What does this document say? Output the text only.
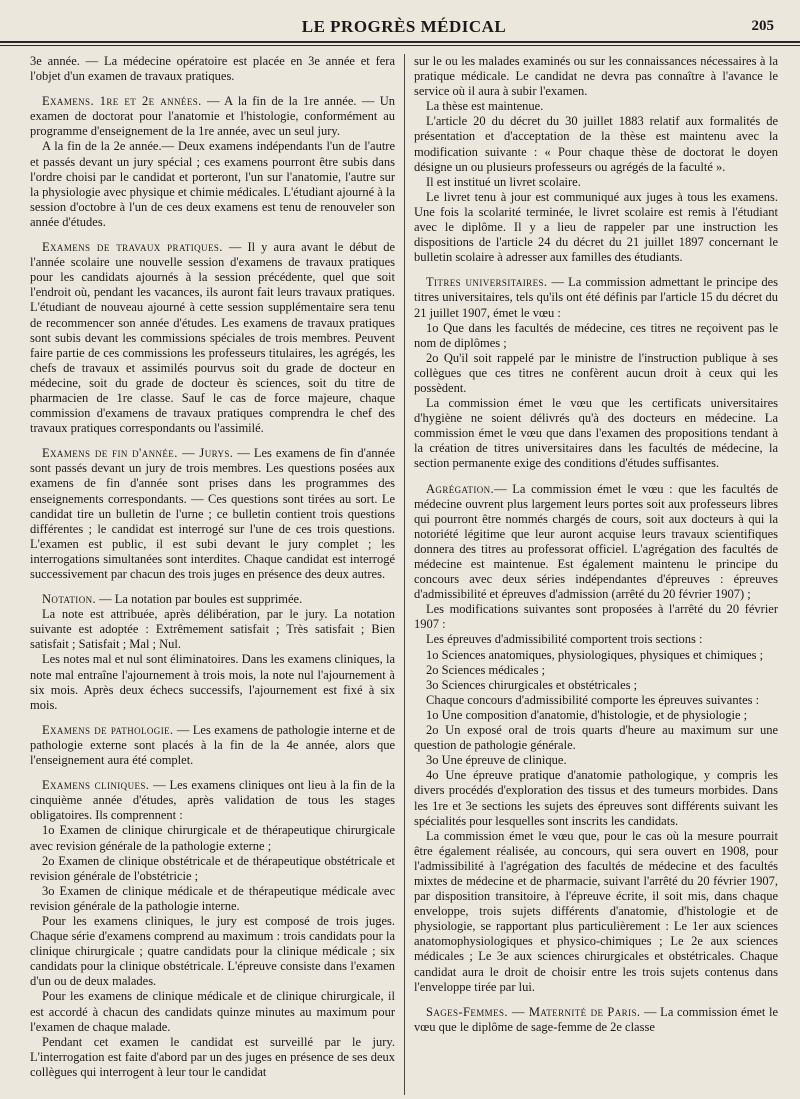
LE PROGRÈS MÉDICAL	205

3e année. — La médecine opératoire est placée en 3e année et fera l'objet d'un examen de travaux pratiques.

Examens. 1re et 2e années. — A la fin de la 1re année. — Un examen de doctorat pour l'anatomie et l'histologie, conformément au programme d'enseignement de la 1re année, avec un seul jury.

A la fin de la 2e année.— Deux examens indépendants l'un de l'autre et passés devant un jury spécial ; ces examens pourront être subis dans l'ordre choisi par le candidat et porteront, l'un sur l'anatomie, l'autre sur la physiologie avec physique et chimie médicales. L'étudiant ajourné à la session d'octobre à l'un de ces deux examens est tenu de renouveler son année d'études.

Examens de travaux pratiques. — Il y aura avant le début de l'année scolaire une nouvelle session d'examens de travaux pratiques pour les candidats ajournés à la session précédente, quel que soit l'endroit où, pendant les vacances, ils auront fait leurs travaux pratiques. L'étudiant de nouveau ajourné à cette session supplémentaire sera tenu de recommencer son année d'études. Les examens de travaux pratiques sont subis devant les commissions spéciales de trois membres. Peuvent faire partie de ces commissions les professeurs titulaires, les agrégés, les chefs de travaux et assimilés pourvus soit du grade de docteur en médecine, soit du grade de docteur ès sciences, soit du titre de pharmacien de 1re classe. Sauf le cas de force majeure, chaque commission d'examens de travaux pratiques comprendra le chef des travaux pratiques correspondants ou l'assimilé.

Examens de fin d'année. — Jurys. — Les examens de fin d'année sont passés devant un jury de trois membres. Les questions posées aux examens de fin d'année sont prises dans les programmes des enseignements correspondants. — Ces questions sont tirées au sort. Le candidat tire un bulletin de l'urne ; ce bulletin contient trois questions différentes ; le candidat est interrogé sur l'une de ces trois questions. L'examen est public, il est subi devant le jury complet ; les interrogations simultanées sont interdites. Chaque candidat est interrogé successivement par chacun des trois juges en présence des deux autres.

Notation. — La notation par boules est supprimée.

La note est attribuée, après délibération, par le jury. La notation suivante est adoptée : Extrêmement satisfait ; Très satisfait ; Bien satisfait ; Satisfait ; Mal ; Nul.

Les notes mal et nul sont éliminatoires. Dans les examens cliniques, la note mal entraîne l'ajournement à trois mois, la note nul l'ajournement à six mois. Après deux échecs successifs, l'ajournement est fixé à six mois.

Examens de pathologie. — Les examens de pathologie interne et de pathologie externe sont placés à la fin de la 4e année, alors que l'enseignement aura été complet.

Examens cliniques. — Les examens cliniques ont lieu à la fin de la cinquième année d'études, après validation de tous les stages obligatoires. Ils comprennent :

1o Examen de clinique chirurgicale et de thérapeutique chirurgicale avec revision générale de la pathologie externe ;

2o Examen de clinique obstétricale et de thérapeutique obstétricale et revision générale de l'obstétricie ;

3o Examen de clinique médicale et de thérapeutique médicale avec revision générale de la pathologie interne.

Pour les examens cliniques, le jury est composé de trois juges. Chaque série d'examens comprend au maximum : trois candidats pour la clinique chirurgicale ; quatre candidats pour la clinique médicale ; six candidats pour la clinique obstétricale. L'épreuve consiste dans l'examen d'un ou de deux malades.

Pour les examens de clinique médicale et de clinique chirurgicale, il est accordé à chacun des candidats quinze minutes au maximum pour l'examen de chaque malade.

Pendant cet examen le candidat est surveillé par le jury. L'interrogation est faite d'abord par un des juges en présence de ses deux collègues qui interrogent à leur tour le candidat

sur le ou les malades examinés ou sur les connaissances nécessaires à la pratique médicale. Le candidat ne devra pas connaître à l'avance le service où il aura à subir l'examen.

La thèse est maintenue.

L'article 20 du décret du 30 juillet 1883 relatif aux formalités de présentation et d'acceptation de la thèse est maintenu avec la modification suivante : « Pour chaque thèse de doctorat le doyen désigne un ou plusieurs professeurs ou agrégés de la faculté ».

Il est institué un livret scolaire.

Le livret tenu à jour est communiqué aux juges à tous les examens. Une fois la scolarité terminée, le livret scolaire est remis à l'étudiant avec le diplôme. Il y a lieu de rappeler par une instruction les dispositions de l'article 24 du décret du 21 juillet 1897 concernant le bulletin scolaire à adresser aux familles des étudiants.

Titres universitaires. — La commission admettant le principe des titres universitaires, tels qu'ils ont été définis par l'article 15 du décret du 21 juillet 1907, émet le vœu :

1o Que dans les facultés de médecine, ces titres ne reçoivent pas le nom de diplômes ;

2o Qu'il soit rappelé par le ministre de l'instruction publique à ses collègues que ces titres ne confèrent aucun droit à ceux qui les possèdent.

La commission émet le vœu que les certificats universitaires d'hygiène ne soient délivrés qu'à des docteurs en médecine. La commission émet le vœu que dans l'examen des propositions tendant à la création de titres universitaires dans les facultés de médecine, la section permanente exige des conditions d'études suffisantes.

Agrégation.— La commission émet le vœu : que les facultés de médecine ouvrent plus largement leurs portes soit aux professeurs libres qui pourront être nommés chargés de cours, soit aux docteurs à qui la notoriété légitime que leur auront acquise leurs travaux scientifiques donnera des titres au professorat officiel. L'agrégation des facultés de médecine est maintenue. Est également maintenu le principe du concours avec deux séries indépendantes d'épreuves : épreuves d'admissibilité et épreuves d'admission (arrêté du 20 février 1907) ;

Les modifications suivantes sont proposées à l'arrêté du 20 février 1907 :

Les épreuves d'admissibilité comportent trois sections :

1o Sciences anatomiques, physiologiques, physiques et chimiques ;

2o Sciences médicales ;

3o Sciences chirurgicales et obstétricales ;

Chaque concours d'admissibilité comporte les épreuves suivantes :

1o Une composition d'anatomie, d'histologie, et de physiologie ;

2o Un exposé oral de trois quarts d'heure au maximum sur une question de pathologie générale.

3o Une épreuve de clinique.

4o Une épreuve pratique d'anatomie pathologique, y compris les divers procédés d'exploration des tissus et des tumeurs morbides. Dans les 1re et 3e sections les sujets des épreuves sont différents suivant les spécialités pour lesquelles sont inscrits les candidats.

La commission émet le vœu que, pour le cas où la mesure pourrait être également réalisée, au concours, qui sera ouvert en 1908, pour l'admissibilité à l'agrégation des facultés de médecine et des facultés mixtes de médecine et de pharmacie, suivant l'arrêté du 20 février 1907, par disposition transitoire, à l'épreuve écrite, il soit mis, dans chaque enveloppe, trois sujets différents d'anatomie, d'histologie et de physiologie, se rapportant plus particulièrement : Le 1er aux sciences anatomophysiologiques et physico-chimiques ; Le 2e aux sciences médicales ; Le 3e aux sciences chirurgicales et obstétricales. Chaque candidat aura le droit de choisir entre les trois sujets contenus dans l'enveloppe tirée par lui.

Sages-Femmes. — Maternité de Paris. — La commission émet le vœu que le diplôme de sage-femme de 2e classe
